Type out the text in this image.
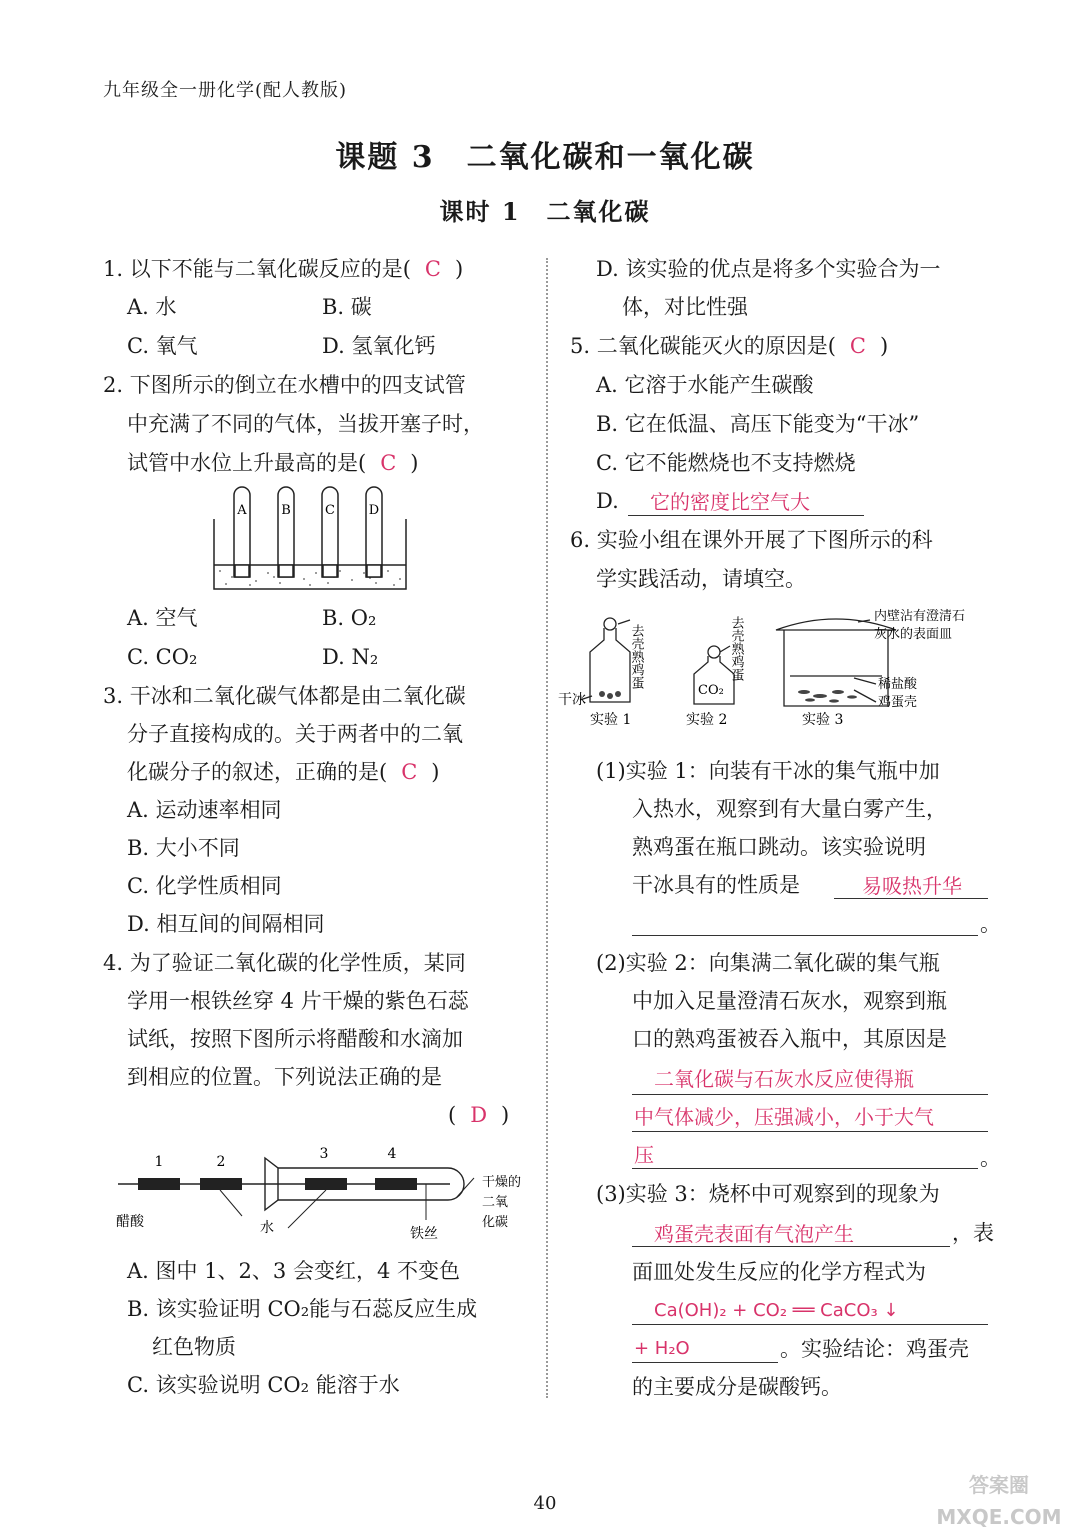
九年级全一册化学(配人教版)
课题 3　二氧化碳和一氧化碳
课时 1　二氧化碳
1. 以下不能与二氧化碳反应的是( C )
A. 水	B. 碳
C. 氧气	D. 氢氧化钙
2. 下图所示的倒立在水槽中的四支试管
中充满了不同的气体，当拔开塞子时，
试管中水位上升最高的是( C )
A	B	C	D
A. 空气	B. O₂
C. CO₂	D. N₂
3. 干冰和二氧化碳气体都是由二氧化碳
分子直接构成的。关于两者中的二氧
化碳分子的叙述，正确的是( C )
A. 运动速率相同
B. 大小不同
C. 化学性质相同
D. 相互间的间隔相同
4. 为了验证二氧化碳的化学性质，某同
学用一根铁丝穿 4 片干燥的紫色石蕊
试纸，按照下图所示将醋酸和水滴加
到相应的位置。下列说法正确的是
( D )
1	2	3	4
醋酸	水	铁丝
干燥的
二氧
化碳
A. 图中 1、2、3 会变红，4 不变色
B. 该实验证明 CO₂能与石蕊反应生成
红色物质
C. 该实验说明 CO₂ 能溶于水
D. 该实验的优点是将多个实验合为一
体，对比性强
5. 二氧化碳能灭火的原因是( C )
A. 它溶于水能产生碳酸
B. 它在低温、高压下能变为“干冰”
C. 它不能燃烧也不支持燃烧
D. 它的密度比空气大
6. 实验小组在课外开展了下图所示的科
学实践活动，请填空。
去壳熟鸡蛋	去壳熟鸡蛋
干冰
CO₂
实验 1	实验 2	实验 3
内壁沾有澄清石
灰水的表面皿
稀盐酸
鸡蛋壳
(1)实验 1：向装有干冰的集气瓶中加
入热水，观察到有大量白雾产生，
熟鸡蛋在瓶口跳动。该实验说明
干冰具有的性质是	易吸热升华
。
(2)实验 2：向集满二氧化碳的集气瓶
中加入足量澄清石灰水，观察到瓶
口的熟鸡蛋被吞入瓶中，其原因是
二氧化碳与石灰水反应使得瓶
中气体减少，压强减小，小于大气
压	。
(3)实验 3：烧杯中可观察到的现象为
鸡蛋壳表面有气泡产生	，表
面皿处发生反应的化学方程式为
Ca(OH)₂ + CO₂ ══ CaCO₃ ↓
+ H₂O	。实验结论：鸡蛋壳
的主要成分是碳酸钙。
40
答案圈 MXQE.COM
